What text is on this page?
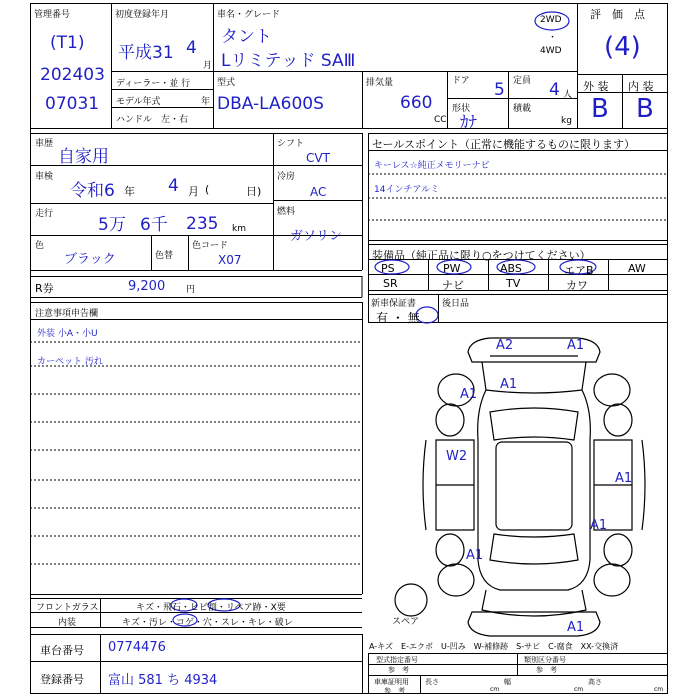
管理番号
(T1)
202403
07031
初度登録年月
平成31 4
月
ディーラー・並 行
モデル年式	年
ハンドル　左・右
車名・グレード
タント
Lリミテッド SAⅢ
2WD
・
4WD
型式
DBA-LA600S
排気量
660
CC
ドア 5 定員 4 人
形状
ｶﾅ
積載
kg
評　価　点
(4)
外 装 内 装
B B
車歴
自家用
車検
令和6 年 4 月 (	日)
走行
5万 6千 235 km
色
ブラック	色替
色コード
X07
シフト
CVT
冷房
AC
燃料
ガソリン
R券	9,200 円
セールスポイント（正常に機能するものに限ります）
キーレス☆純正メモリーナビ
14インチアルミ
装備品（純正品に限り○をつけてください）
PS	PW	ABS	エアB	AW
SR	ナビ	TV	カワ
新車保証書
有 ・ 無
後日品
注意事項申告欄
外装 小A・小U
カーペット 汚れ
A2	A1
A1
A1
W2
A1
A1
A1
A1
スペア
フロントガラス	キズ・飛石・ヒビ割・リペア跡・X要
内装	キズ・汚レ・コゲ・穴・スレ・キレ・破レ
車台番号 0774476
登録番号 富山 581 ち 4934
A-キズ　E-エクボ　U-凹み　W-補修跡　S-サビ　C-腐食　XX-交換済
型式指定番号
参　考
類別区分番号
参　考
車庫証明用
参　考
長さ
cm
幅
cm
高さ
cm
